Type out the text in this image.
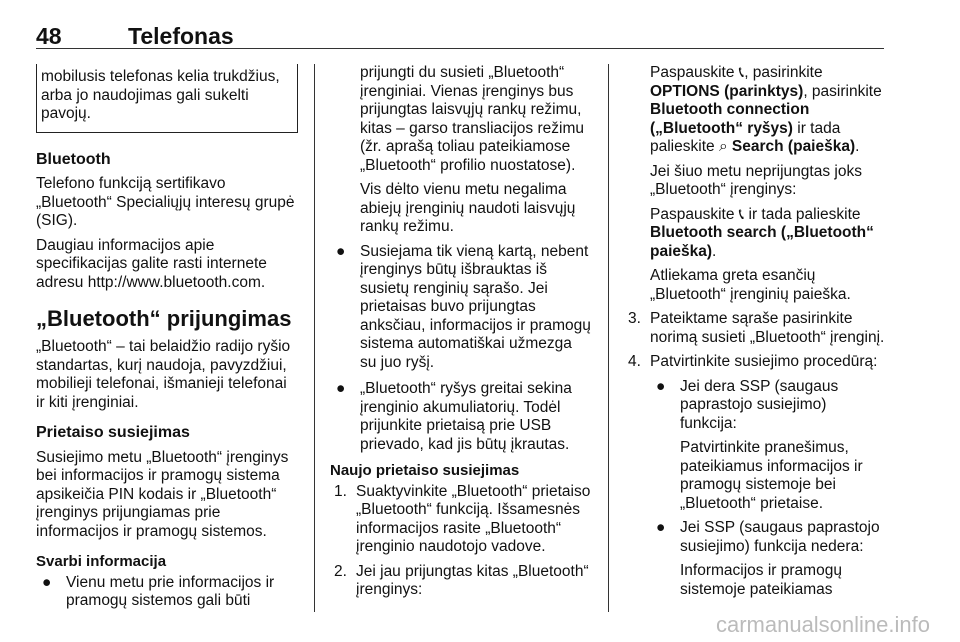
48	Telefonas
mobilusis telefonas kelia trukdžius, arba jo naudojimas gali sukelti pavojų.
Bluetooth

Telefono funkciją sertifikavo „Bluetooth“ Specialiųjų interesų grupė (SIG).

Daugiau informacijos apie specifikacijas galite rasti internete adresu http://www.bluetooth.com.

„Bluetooth“ prijungimas

„Bluetooth“ – tai belaidžio radijo ryšio standartas, kurį naudoja, pavyzdžiui, mobilieji telefonai, išmanieji telefonai ir kiti įrenginiai.

Prietaiso susiejimas

Susiejimo metu „Bluetooth“ įrenginys bei informacijos ir pramogų sistema apsikeičia PIN kodais ir „Bluetooth“ įrenginys prijungiamas prie informacijos ir pramogų sistemos.

Svarbi informacija
● Vienu metu prie informacijos ir pramogų sistemos gali būti

prijungti du susieti „Bluetooth“ įrenginiai. Vienas įrenginys bus prijungtas laisvųjų rankų režimu, kitas – garso transliacijos režimu (žr. aprašą toliau pateikiamose „Bluetooth“ profilio nuostatose).

Vis dėlto vienu metu negalima abiejų įrenginių naudoti laisvųjų rankų režimu.

● Susiejama tik vieną kartą, nebent įrenginys būtų išbrauktas iš susietų renginių sąrašo. Jei prietaisas buvo prijungtas anksčiau, informacijos ir pramogų sistema automatiškai užmezga su juo ryšį.
● „Bluetooth“ ryšys greitai sekina įrenginio akumuliatorių. Todėl prijunkite prietaisą prie USB prievado, kad jis būtų įkrautas.
Naujo prietaiso susiejimas
1. Suaktyvinkite „Bluetooth“ prietaiso „Bluetooth“ funkciją. Išsamesnės informacijos rasite „Bluetooth“ įrenginio naudotojo vadove.
2. Jei jau prijungtas kitas „Bluetooth“ įrenginys:

Paspauskite 📞︎, pasirinkite OPTIONS (parinktys), pasirinkite Bluetooth connection („Bluetooth“ ryšys) ir tada palieskite ⌕ Search (paieška).

Jei šiuo metu neprijungtas joks „Bluetooth“ įrenginys:

Paspauskite 📞︎ ir tada palieskite Bluetooth search („Bluetooth“ paieška).

Atliekama greta esančių „Bluetooth“ įrenginių paieška.

3. Pateiktame sąraše pasirinkite norimą susieti „Bluetooth“ įrenginį.
4. Patvirtinkite susiejimo procedūrą:
● Jei dera SSP (saugaus paprastojo susiejimo) funkcija:

Patvirtinkite pranešimus, pateikiamus informacijos ir pramogų sistemoje bei „Bluetooth“ prietaise.

● Jei SSP (saugaus paprastojo susiejimo) funkcija nedera:

Informacijos ir pramogų sistemoje pateikiamas

carmanualsonline.info
